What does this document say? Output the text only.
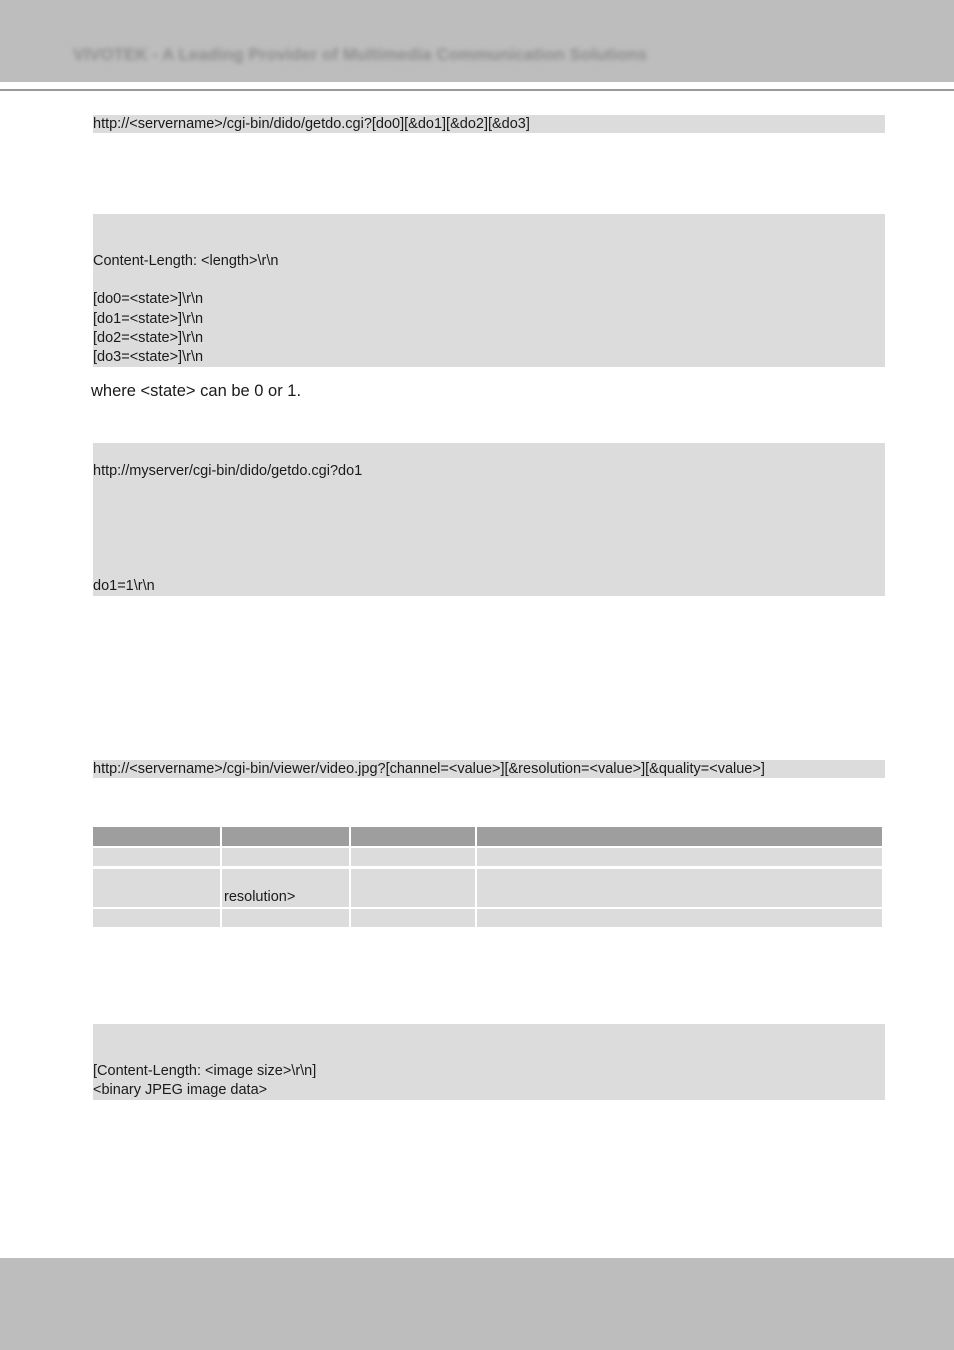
VIVOTEK - A Leading Provider of Multimedia Communication Solutions
http://<servername>/cgi-bin/dido/getdo.cgi?[do0][&do1][&do2][&do3]
Content-Length: <length>\r\n
[do0=<state>]\r\n
[do1=<state>]\r\n
[do2=<state>]\r\n
[do3=<state>]\r\n
where <state> can be 0 or 1.
http://myserver/cgi-bin/dido/getdo.cgi?do1
do1=1\r\n
http://<servername>/cgi-bin/viewer/video.jpg?[channel=<value>][&resolution=<value>][&quality=<value>]
resolution>
[Content-Length: <image size>\r\n]
<binary JPEG image data>
